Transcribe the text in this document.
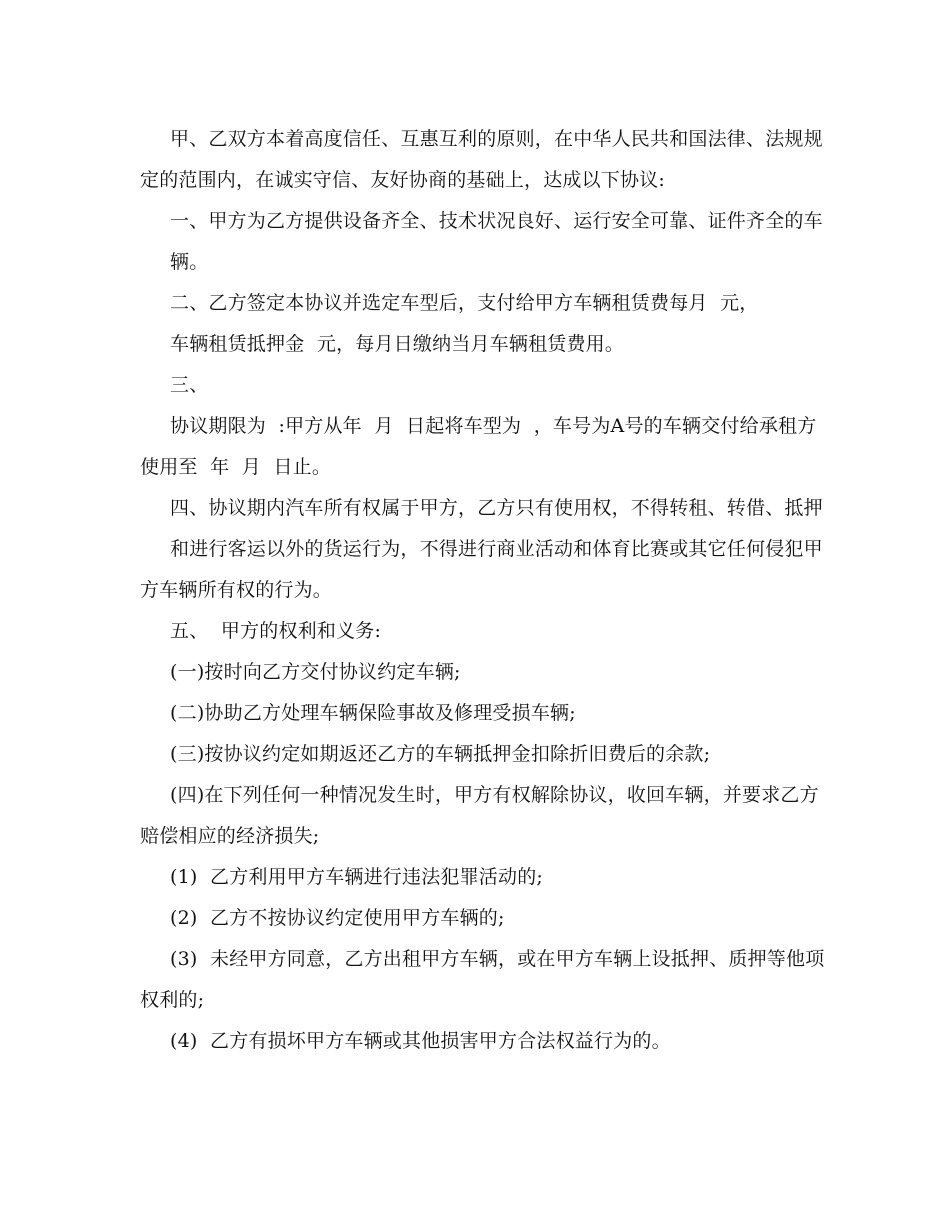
甲、乙双方本着高度信任、互惠互利的原则，在中华人民共和国法律、法规规
定的范围内，在诚实守信、友好协商的基础上，达成以下协议:
一、甲方为乙方提供设备齐全、技术状况良好、运行安全可靠、证件齐全的车
辆。
二、乙方签定本协议并选定车型后，支付给甲方车辆租赁费每月  元，
车辆租赁抵押金  元，每月日缴纳当月车辆租赁费用。
三、
协议期限为  :甲方从年  月  日起将车型为  ，车号为A号的车辆交付给承租方
使用至  年  月  日止。
四、协议期内汽车所有权属于甲方，乙方只有使用权，不得转租、转借、抵押
和进行客运以外的货运行为，不得进行商业活动和体育比赛或其它任何侵犯甲
方车辆所有权的行为。
五、  甲方的权利和义务:
(一)按时向乙方交付协议约定车辆;
(二)协助乙方处理车辆保险事故及修理受损车辆;
(三)按协议约定如期返还乙方的车辆抵押金扣除折旧费后的余款;
(四)在下列任何一种情况发生时，甲方有权解除协议，收回车辆，并要求乙方
赔偿相应的经济损失;
(1)  乙方利用甲方车辆进行违法犯罪活动的;
(2)  乙方不按协议约定使用甲方车辆的;
(3)  未经甲方同意，乙方出租甲方车辆，或在甲方车辆上设抵押、质押等他项
权利的;
(4)  乙方有损坏甲方车辆或其他损害甲方合法权益行为的。
